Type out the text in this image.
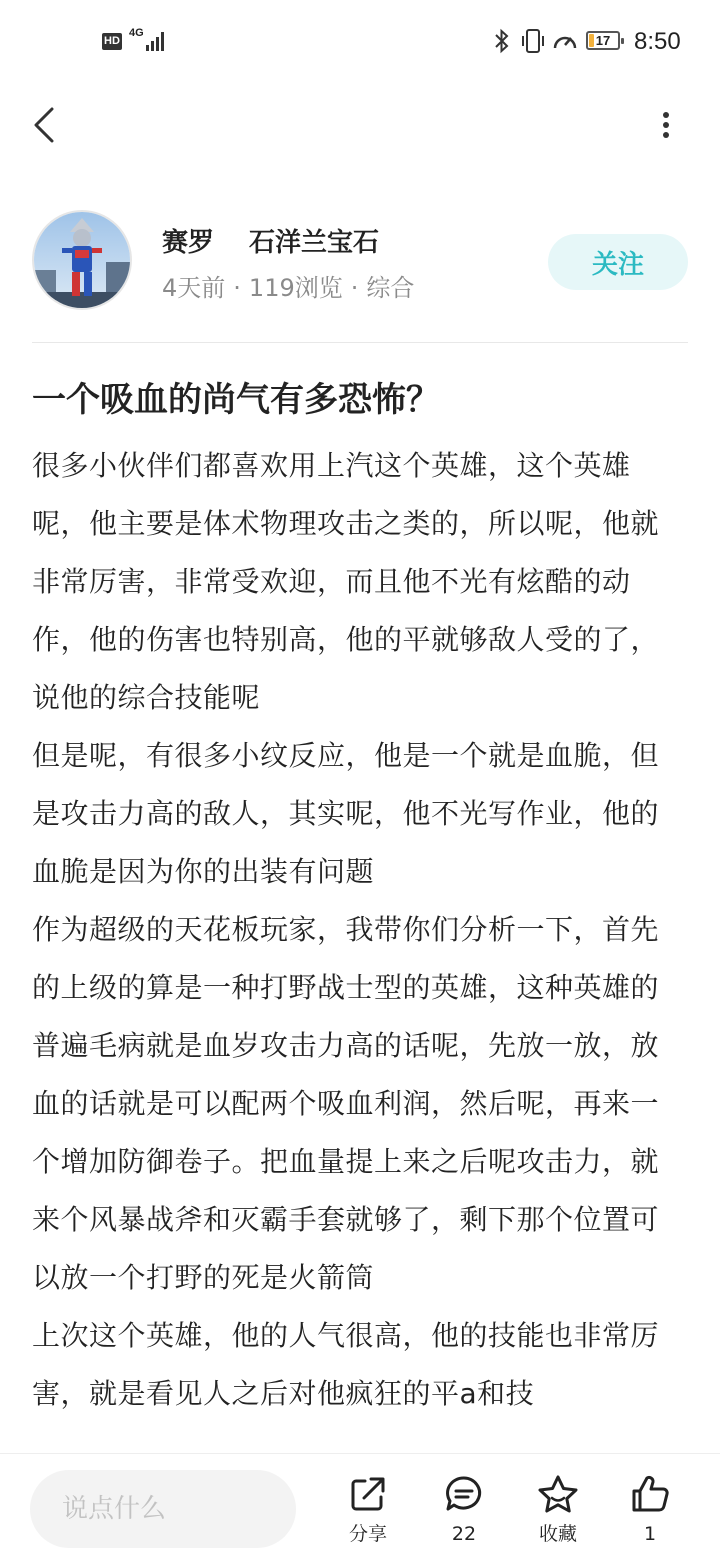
HD
4G	17 8:50
赛罗 石洋兰宝石
4天前 · 119浏览 · 综合
关注
一个吸血的尚气有多恐怖？

很多小伙伴们都喜欢用上汽这个英雄，这个英雄呢，他主要是体术物理攻击之类的，所以呢，他就非常厉害，非常受欢迎，而且他不光有炫酷的动作，他的伤害也特别高，他的平就够敌人受的了，说他的综合技能呢

但是呢，有很多小纹反应，他是一个就是血脆，但是攻击力高的敌人，其实呢，他不光写作业，他的血脆是因为你的出装有问题

作为超级的天花板玩家，我带你们分析一下，首先的上级的算是一种打野战士型的英雄，这种英雄的普遍毛病就是血岁攻击力高的话呢，先放一放，放血的话就是可以配两个吸血利润，然后呢，再来一个增加防御卷子。把血量提上来之后呢攻击力，就来个风暴战斧和灭霸手套就够了，剩下那个位置可以放一个打野的死是火箭筒

上次这个英雄，他的人气很高，他的技能也非常厉害，就是看见人之后对他疯狂的平a和技

说点什么
分享	22	收藏	1
